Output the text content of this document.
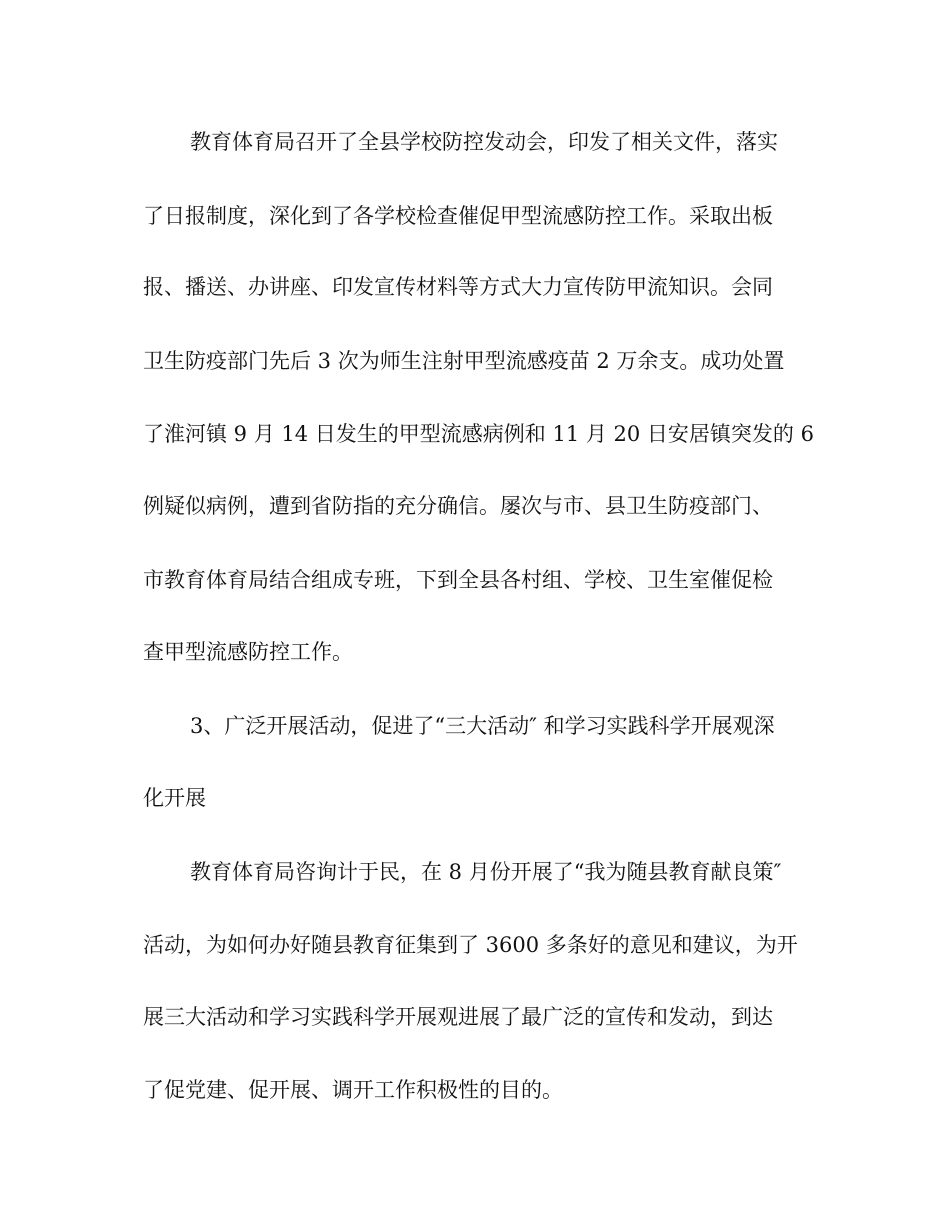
教育体育局召开了全县学校防控发动会，印发了相关文件，落实
了日报制度，深化到了各学校检查催促甲型流感防控工作。采取出板
报、播送、办讲座、印发宣传材料等方式大力宣传防甲流知识。会同
卫生防疫部门先后 3 次为师生注射甲型流感疫苗 2 万余支。成功处置
了淮河镇 9 月 14 日发生的甲型流感病例和 11 月 20 日安居镇突发的 6
例疑似病例，遭到省防指的充分确信。屡次与市、县卫生防疫部门、
市教育体育局结合组成专班，下到全县各村组、学校、卫生室催促检
查甲型流感防控工作。
3、广泛开展活动，促进了“三大活动″ 和学习实践科学开展观深
化开展
教育体育局咨询计于民，在 8 月份开展了“我为随县教育献良策″
活动，为如何办好随县教育征集到了 3600 多条好的意见和建议，为开
展三大活动和学习实践科学开展观进展了最广泛的宣传和发动，到达
了促党建、促开展、调开工作积极性的目的。
